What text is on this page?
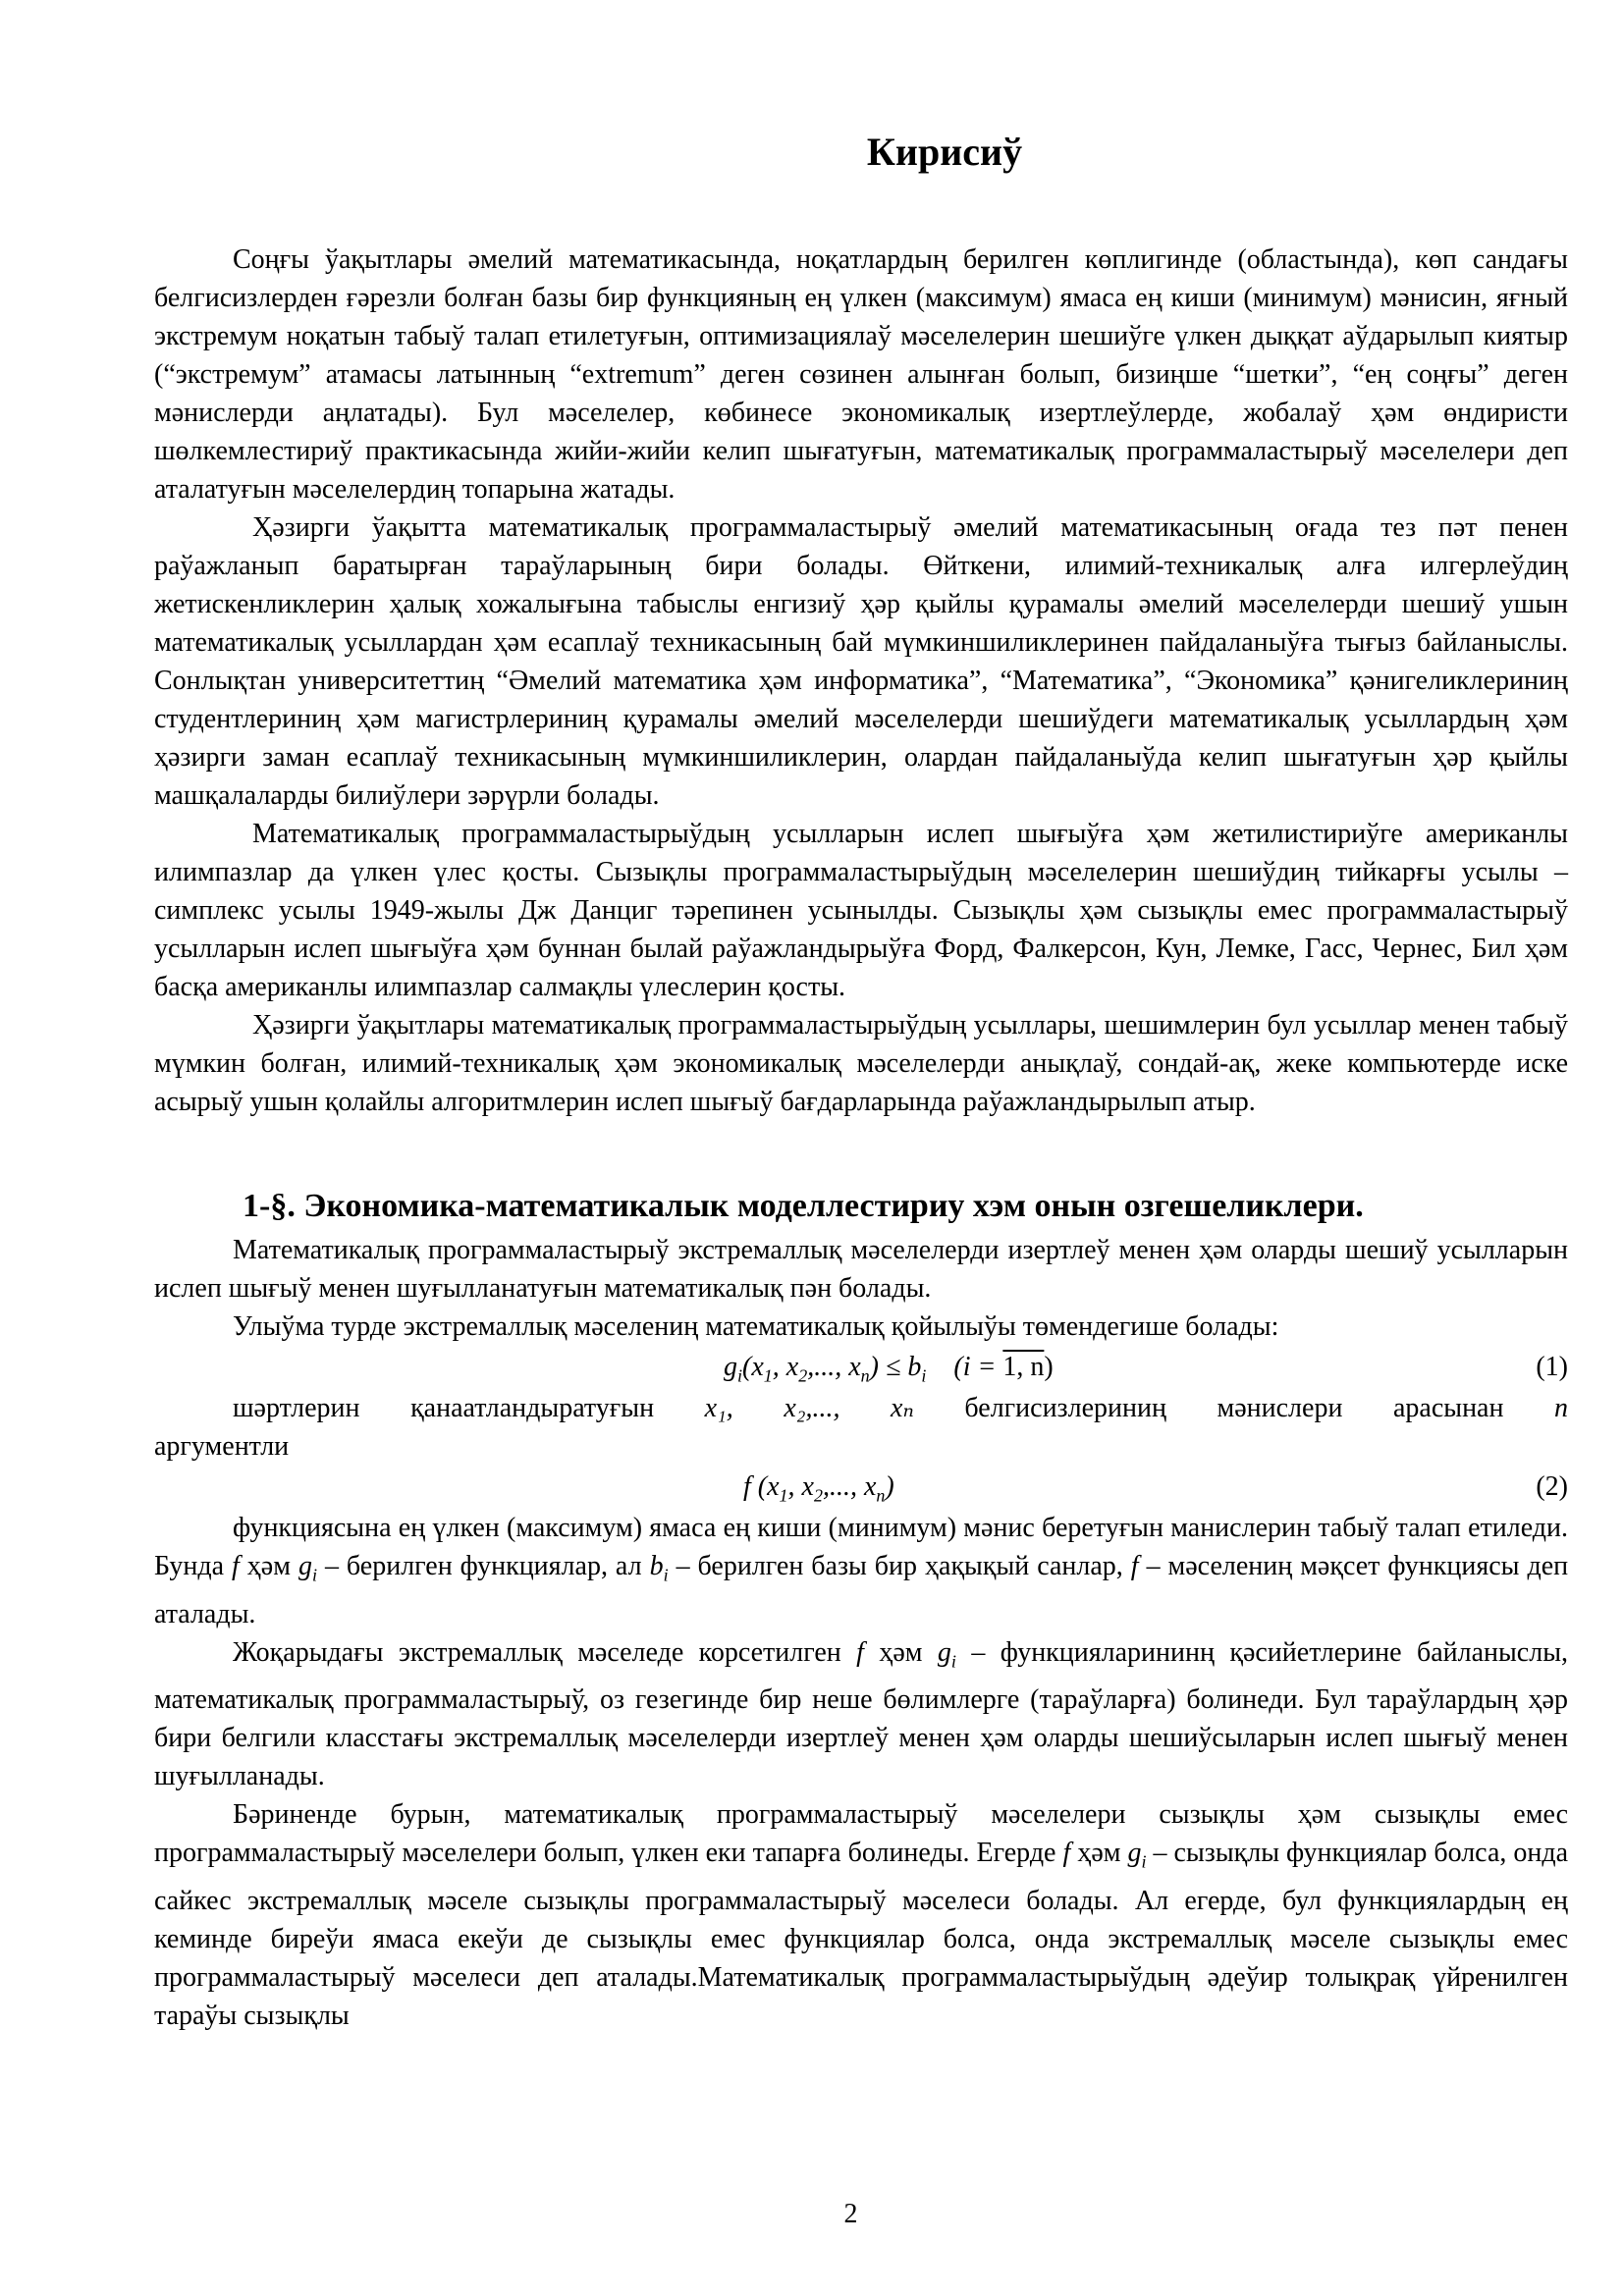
Кирисиў

Соңғы ўақытлары әмелий математикасында, ноқатлардың берилген көплигинде (областында), көп сандағы белгисизлерден ғәрезли болған базы бир функцияның ең үлкен (максимум) ямаса ең киши (минимум) мәнисин, яғный экстремум ноқатын табыў талап етилетуғын, оптимизациялаў мәселелерин шешиўге үлкен дыққат аўдарылып киятыр (“экстремум” атамасы латынның “extremum” деген сөзинен алынған болып, бизиңше “шетки”, “ең соңғы” деген мәнислерди аңлатады). Бул мәселелер, көбинесе экономикалық изертлеўлерде, жобалаў ҳәм өндиристи шөлкемлестириў практикасында жийи-жийи келип шығатуғын, математикалық программаластырыў мәселелери деп аталатуғын мәселелердиң топарына жатады.

Ҳәзирги ўақытта математикалық программаластырыў әмелий математикасының оғада тез пәт пенен раўажланып баратырған тараўларының бири болады. Өйткени, илимий-техникалық алға илгерлеўдиң жетискенликлерин ҳалық хожалығына табыслы енгизиў ҳәр қыйлы қурамалы әмелий мәселелерди шешиў ушын математикалық усыллардан ҳәм есаплаў техникасының бай мүмкиншиликлеринен пайдаланыўға тығыз байланыслы. Сонлықтан университеттиң “Әмелий математика ҳәм информатика”, “Математика”, “Экономика” қәнигеликлериниң студентлериниң ҳәм магистрлериниң қурамалы әмелий мәселелерди шешиўдеги математикалық усыллардың ҳәм ҳәзирги заман есаплаў техникасының мүмкиншиликлерин, олардан пайдаланыўда келип шығатуғын ҳәр қыйлы машқалаларды билиўлери зәрүрли болады.

Математикалық программаластырыўдың усылларын ислеп шығыўға ҳәм жетилистириўге американлы илимпазлар да үлкен үлес қосты. Сызықлы программаластырыўдың мәселелерин шешиўдиң тийкарғы усылы – симплекс усылы 1949-жылы Дж Данциг тәрепинен усынылды. Сызықлы ҳәм сызықлы емес программаластырыў усылларын ислеп шығыўға ҳәм буннан былай раўажландырыўға Форд, Фалкерсон, Кун, Лемке, Гасс, Чернес, Бил ҳәм басқа американлы илимпазлар салмақлы үлеслерин қосты.

Ҳәзирги ўақытлары математикалық программаластырыўдың усыллары, шешимлерин бул усыллар менен табыў мүмкин болған, илимий-техникалық ҳәм экономикалық мәселелерди анықлаў, сондай-ақ, жеке компьютерде иске асырыў ушын қолайлы алгоритмлерин ислеп шығыў бағдарларында раўажландырылып атыр.

1-§. Экономика-математикалык моделлестириу хэм онын озгешеликлери.

Математикалық программаластырыў экстремаллық мәселелерди изертлеў менен ҳәм оларды шешиў усылларын ислеп шығыў менен шуғылланатуғын математикалық пән болады.

Улыўма турде экстремаллық мәселениң математикалық қойылыўы төмендегише болады:

$g_i(x_1$, $x_2$,..., $x_n) \le b_i$    (i = 1, n)	(1)

шәртлерин қанаатландыратуғын x₁, x₂,..., xₙ белгисизлериниң мәнислери арасынан n

аргументли

f ($x_1$, $x_2$,..., $x_n$)	(2)

функциясына ең үлкен (максимум) ямаса ең киши (минимум) мәнис беретуғын манислерин табыў талап етиледи. Бунда f ҳәм $g_i$ – берилген функциялар, ал $b_i$ – берилген базы бир ҳақықый санлар, f – мәселениң мәқсет функциясы деп аталады.

Жоқарыдағы экстремаллық мәселеде корсетилген f ҳәм $g_i$ – функцияларининң қәсийетлерине байланыслы, математикалық программаластырыў, оз гезегинде бир неше бөлимлерге (тараўларға) болинеди. Бул тараўлардың ҳәр бири белгили класстағы экстремаллық мәселелерди изертлеў менен ҳәм оларды шешиўсыларын ислеп шығыў менен шуғылланады.

Бәриненде бурын, математикалық программаластырыў мәселелери сызықлы ҳәм сызықлы емес программаластырыў мәселелери болып, үлкен еки тапарға болинеды. Егерде f ҳәм $g_i$ – сызықлы функциялар болса, онда сайкес экстремаллық мәселе сызықлы программаластырыў мәселеси болады. Ал егерде, бул функциялардың ең кеминде биреўи ямаса екеўи де сызықлы емес функциялар болса, онда экстремаллық мәселе сызықлы емес программаластырыў мәселеси деп аталады.Математикалық программаластырыўдың әдеўир толықрақ үйренилген тараўы сызықлы

2
